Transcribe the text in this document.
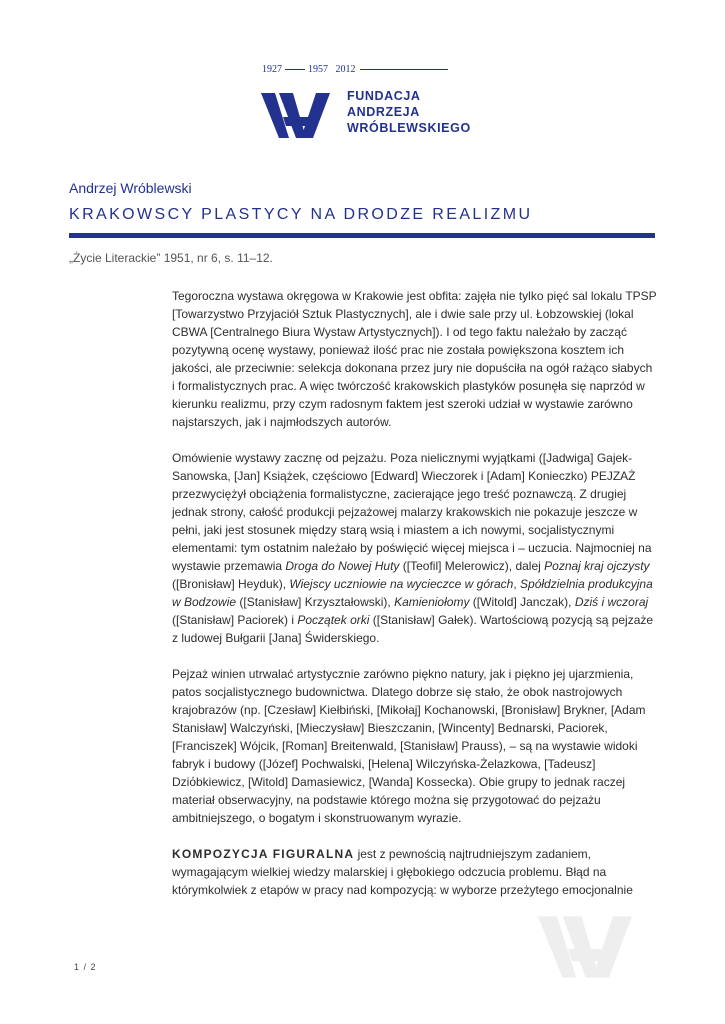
1927	1957 2012
FUNDACJA
ANDRZEJA
WRÓBLEWSKIEGO
Andrzej Wróblewski
KRAKOWSCY PLASTYCY NA DRODZE REALIZMU
„Życie Literackie” 1951, nr 6, s. 11–12.

Tegoroczna wystawa okręgowa w Krakowie jest obfita: zajęła nie tylko pięć sal lokalu TPSP [Towarzystwo Przyjaciół Sztuk Plastycznych], ale i dwie sale przy ul. Łobzowskiej (lokal CBWA [Centralnego Biura Wystaw Artystycznych]). I od tego faktu należało by zacząć pozytywną ocenę wystawy, ponieważ ilość prac nie została powiększona kosztem ich jakości, ale przeciwnie: selekcja dokonana przez jury nie dopuściła na ogół rażąco słabych i formalistycznych prac. A więc twórczość krakowskich plastyków posunęła się naprzód w kierunku realizmu, przy czym radosnym faktem jest szeroki udział w wystawie zarówno najstarszych, jak i najmłodszych autorów.

Omówienie wystawy zacznę od pejzażu. Poza nielicznymi wyjątkami ([Jadwiga] Gajek-Sanowska, [Jan] Książek, częściowo [Edward] Wieczorek i [Adam] Konieczko) PEJZAŻ przezwyciężył obciążenia formalistyczne, zacierające jego treść poznawczą. Z drugiej jednak strony, całość produkcji pejzażowej malarzy krakowskich nie pokazuje jeszcze w pełni, jaki jest stosunek między starą wsią i miastem a ich nowymi, socjalistycznymi elementami: tym ostatnim należało by poświęcić więcej miejsca i – uczucia. Najmocniej na wystawie przemawia Droga do Nowej Huty ([Teofil] Melerowicz), dalej Poznaj kraj ojczysty ([Bronisław] Heyduk), Wiejscy uczniowie na wycieczce w górach, Spółdzielnia produkcyjna w Bodzowie ([Stanisław] Krzyształowski), Kamieniołomy ([Witold] Janczak), Dziś i wczoraj ([Stanisław] Paciorek) i Początek orki ([Stanisław] Gałek). Wartościową pozycją są pejzaże z ludowej Bułgarii [Jana] Świderskiego.

Pejzaż winien utrwalać artystycznie zarówno piękno natury, jak i piękno jej ujarzmienia, patos socjalistycznego budownictwa. Dlatego dobrze się stało, że obok nastrojowych krajobrazów (np. [Czesław] Kiełbiński, [Mikołaj] Kochanowski, [Bronisław] Brykner, [Adam Stanisław] Walczyński, [Mieczysław] Bieszczanin, [Wincenty] Bednarski, Paciorek, [Franciszek] Wójcik, [Roman] Breitenwald, [Stanisław] Prauss), – są na wystawie widoki fabryk i budowy ([Józef] Pochwalski, [Helena] Wilczyńska-Żelazkowa, [Tadeusz] Dziόbkiewicz, [Witold] Damasiewicz, [Wanda] Kossecka). Obie grupy to jednak raczej materiał obserwacyjny, na podstawie którego można się przygotować do pejzażu ambitniejszego, o bogatym i skonstruowanym wyrazie.

KOMPOZYCJA FIGURALNA jest z pewnością najtrudniejszym zadaniem, wymagającym wielkiej wiedzy malarskiej i głębokiego odczucia problemu. Błąd na którymkolwiek z etapów w pracy nad kompozycją: w wyborze przeżytego emocjonalnie

1 / 2
